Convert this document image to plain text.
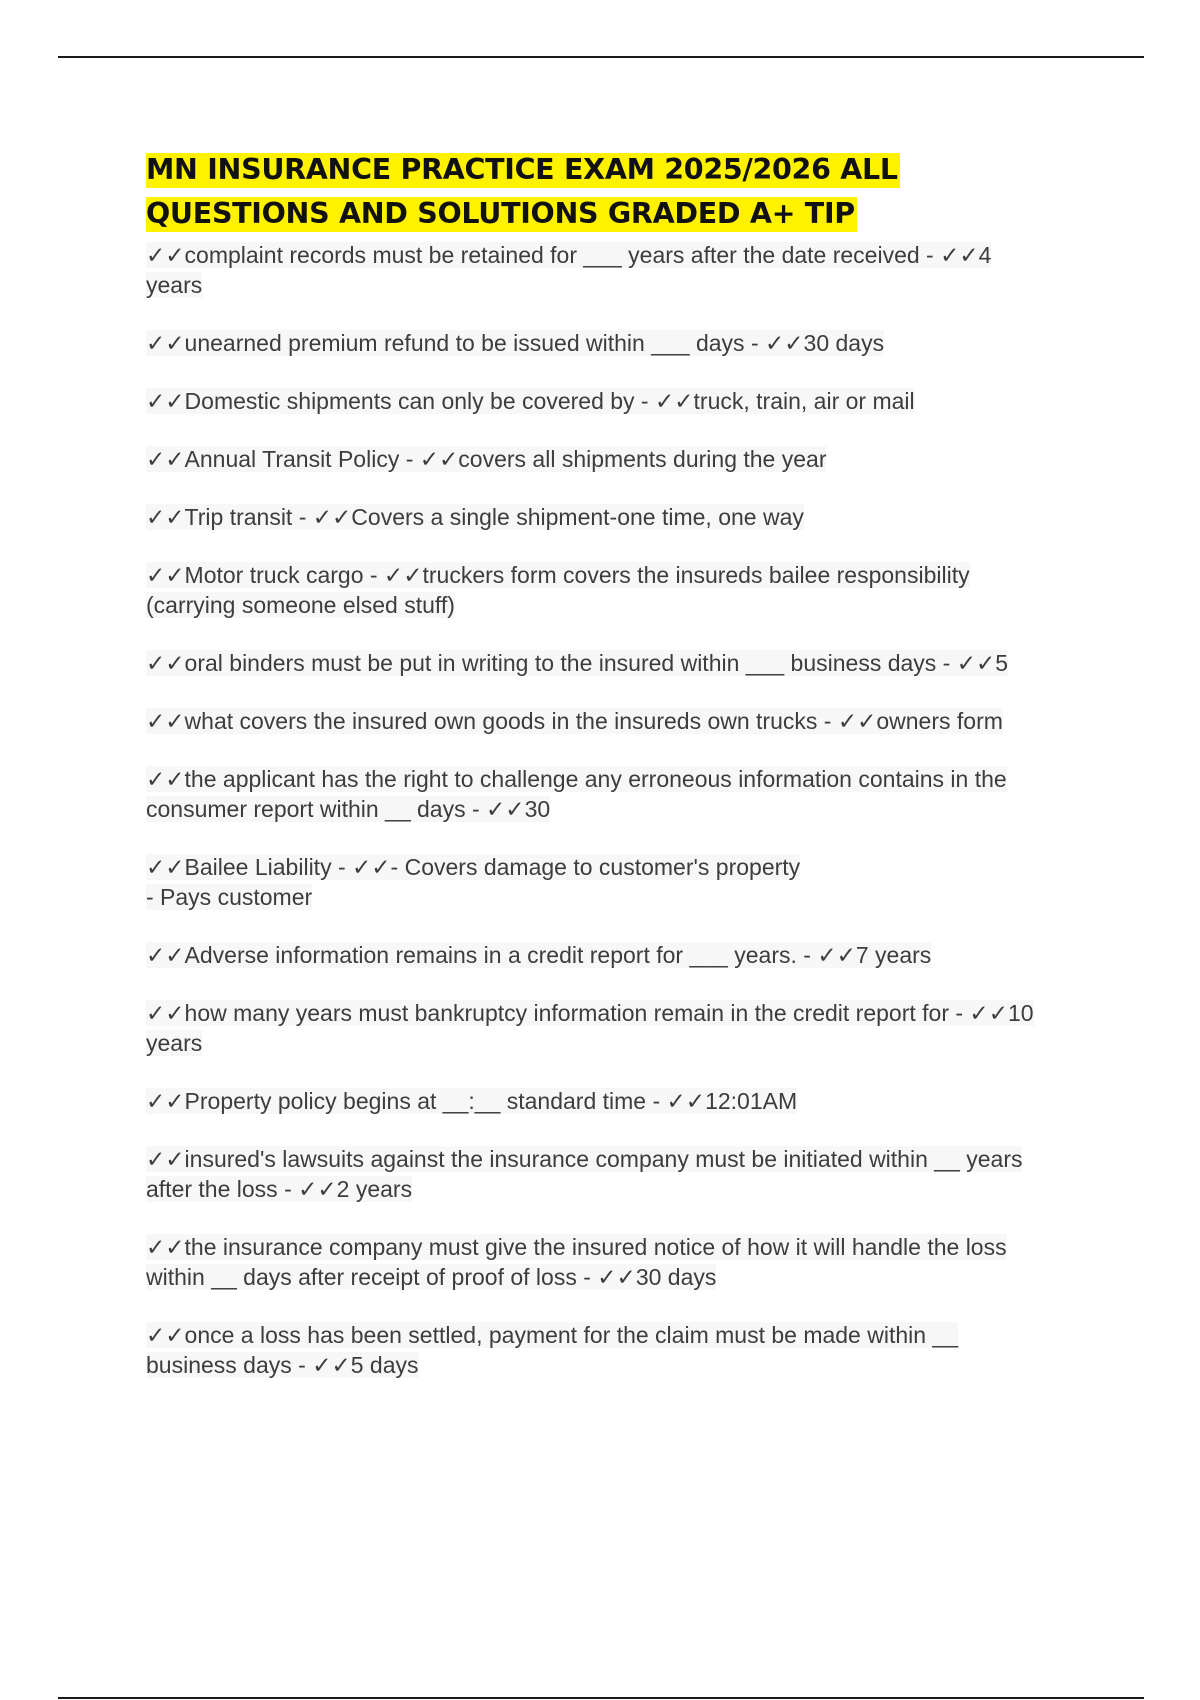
MN INSURANCE PRACTICE EXAM 2025/2026 ALL
QUESTIONS AND SOLUTIONS GRADED A+ TIP

✓✓complaint records must be retained for ___ years after the date received - ✓✓4
years

✓✓unearned premium refund to be issued within ___ days - ✓✓30 days

✓✓Domestic shipments can only be covered by - ✓✓truck, train, air or mail

✓✓Annual Transit Policy - ✓✓covers all shipments during the year

✓✓Trip transit - ✓✓Covers a single shipment-one time, one way

✓✓Motor truck cargo - ✓✓truckers form covers the insureds bailee responsibility
(carrying someone elsed stuff)

✓✓oral binders must be put in writing to the insured within ___ business days - ✓✓5

✓✓what covers the insured own goods in the insureds own trucks - ✓✓owners form

✓✓the applicant has the right to challenge any erroneous information contains in the
consumer report within __ days - ✓✓30

✓✓Bailee Liability - ✓✓- Covers damage to customer's property
- Pays customer

✓✓Adverse information remains in a credit report for ___ years. - ✓✓7 years

✓✓how many years must bankruptcy information remain in the credit report for - ✓✓10
years

✓✓Property policy begins at __:__ standard time - ✓✓12:01AM

✓✓insured's lawsuits against the insurance company must be initiated within __ years
after the loss - ✓✓2 years

✓✓the insurance company must give the insured notice of how it will handle the loss
within __ days after receipt of proof of loss - ✓✓30 days

✓✓once a loss has been settled, payment for the claim must be made within __
business days - ✓✓5 days
